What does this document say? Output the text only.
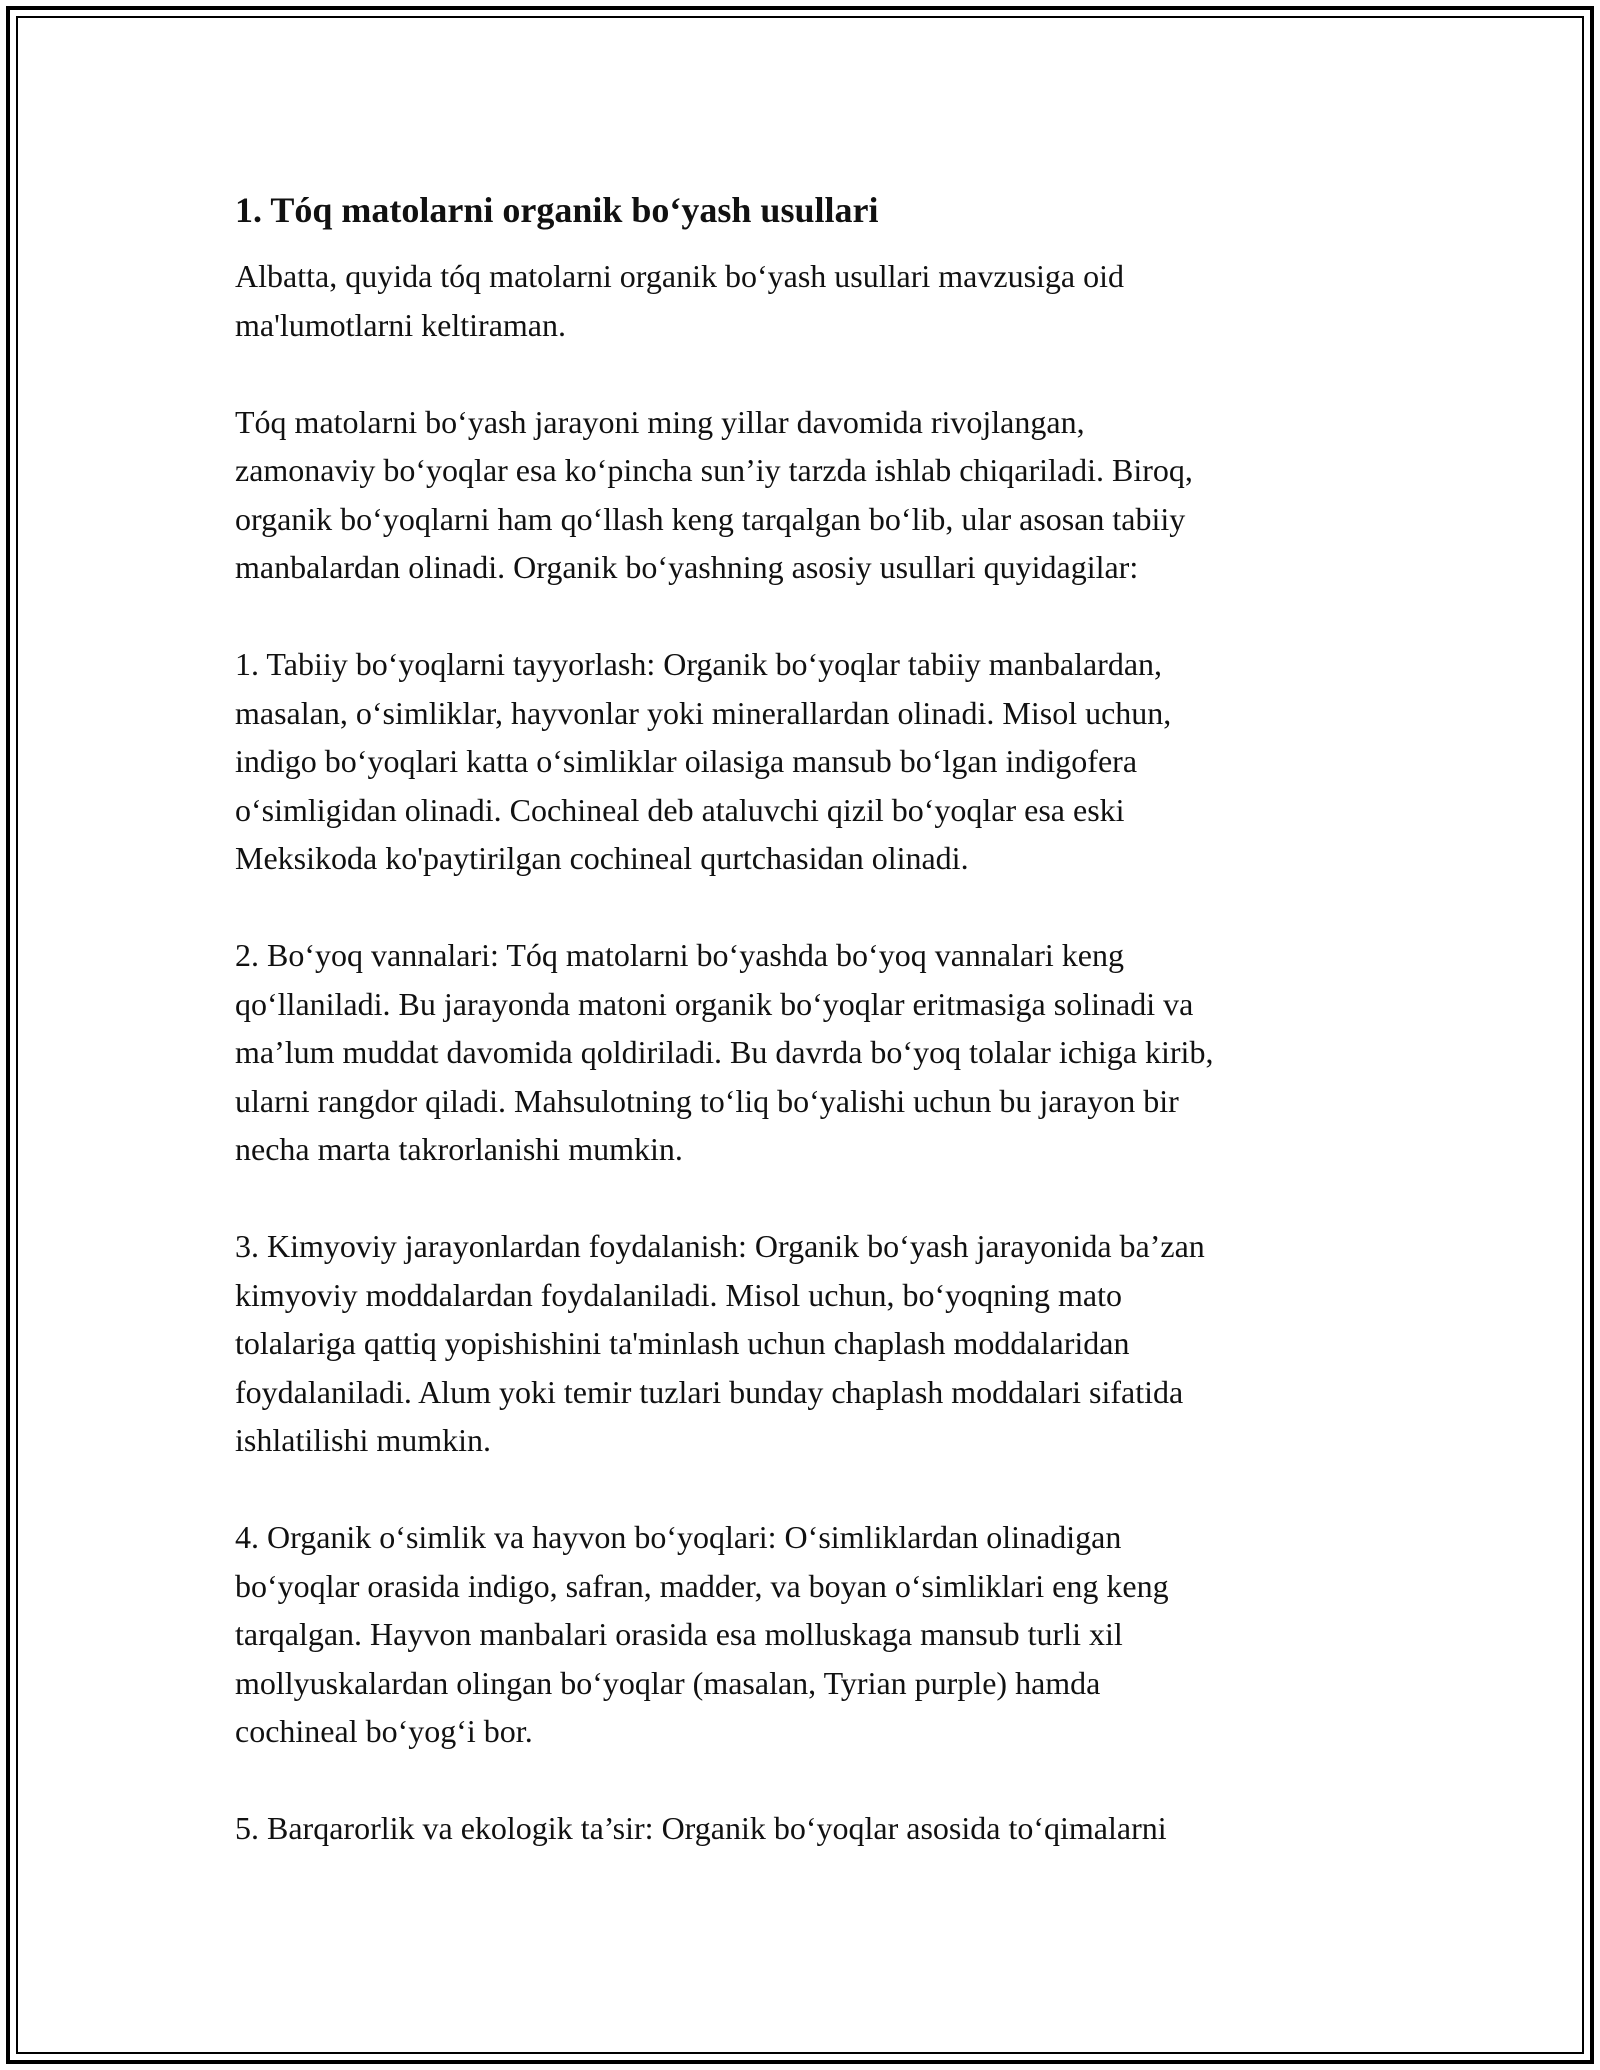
1. Tóq matolarni organik bo‘yash usullari

Albatta, quyida tóq matolarni organik bo‘yash usullari mavzusiga oid
ma'lumotlarni keltiraman.

Tóq matolarni bo‘yash jarayoni ming yillar davomida rivojlangan,
zamonaviy bo‘yoqlar esa ko‘pincha sun’iy tarzda ishlab chiqariladi. Biroq,
organik bo‘yoqlarni ham qo‘llash keng tarqalgan bo‘lib, ular asosan tabiiy
manbalardan olinadi. Organik bo‘yashning asosiy usullari quyidagilar:

1. Tabiiy bo‘yoqlarni tayyorlash: Organik bo‘yoqlar tabiiy manbalardan,
masalan, o‘simliklar, hayvonlar yoki minerallardan olinadi. Misol uchun,
indigo bo‘yoqlari katta o‘simliklar oilasiga mansub bo‘lgan indigofera
o‘simligidan olinadi. Cochineal deb ataluvchi qizil bo‘yoqlar esa eski
Meksikoda ko'paytirilgan cochineal qurtchasidan olinadi.

2. Bo‘yoq vannalari: Tóq matolarni bo‘yashda bo‘yoq vannalari keng
qo‘llaniladi. Bu jarayonda matoni organik bo‘yoqlar eritmasiga solinadi va
ma’lum muddat davomida qoldiriladi. Bu davrda bo‘yoq tolalar ichiga kirib,
ularni rangdor qiladi. Mahsulotning to‘liq bo‘yalishi uchun bu jarayon bir
necha marta takrorlanishi mumkin.

3. Kimyoviy jarayonlardan foydalanish: Organik bo‘yash jarayonida ba’zan
kimyoviy moddalardan foydalaniladi. Misol uchun, bo‘yoqning mato
tolalariga qattiq yopishishini ta'minlash uchun chaplash moddalaridan
foydalaniladi. Alum yoki temir tuzlari bunday chaplash moddalari sifatida
ishlatilishi mumkin.

4. Organik o‘simlik va hayvon bo‘yoqlari: O‘simliklardan olinadigan
bo‘yoqlar orasida indigo, safran, madder, va boyan o‘simliklari eng keng
tarqalgan. Hayvon manbalari orasida esa molluskaga mansub turli xil
mollyuskalardan olingan bo‘yoqlar (masalan, Tyrian purple) hamda
cochineal bo‘yog‘i bor.

5. Barqarorlik va ekologik ta’sir: Organik bo‘yoqlar asosida to‘qimalarni
